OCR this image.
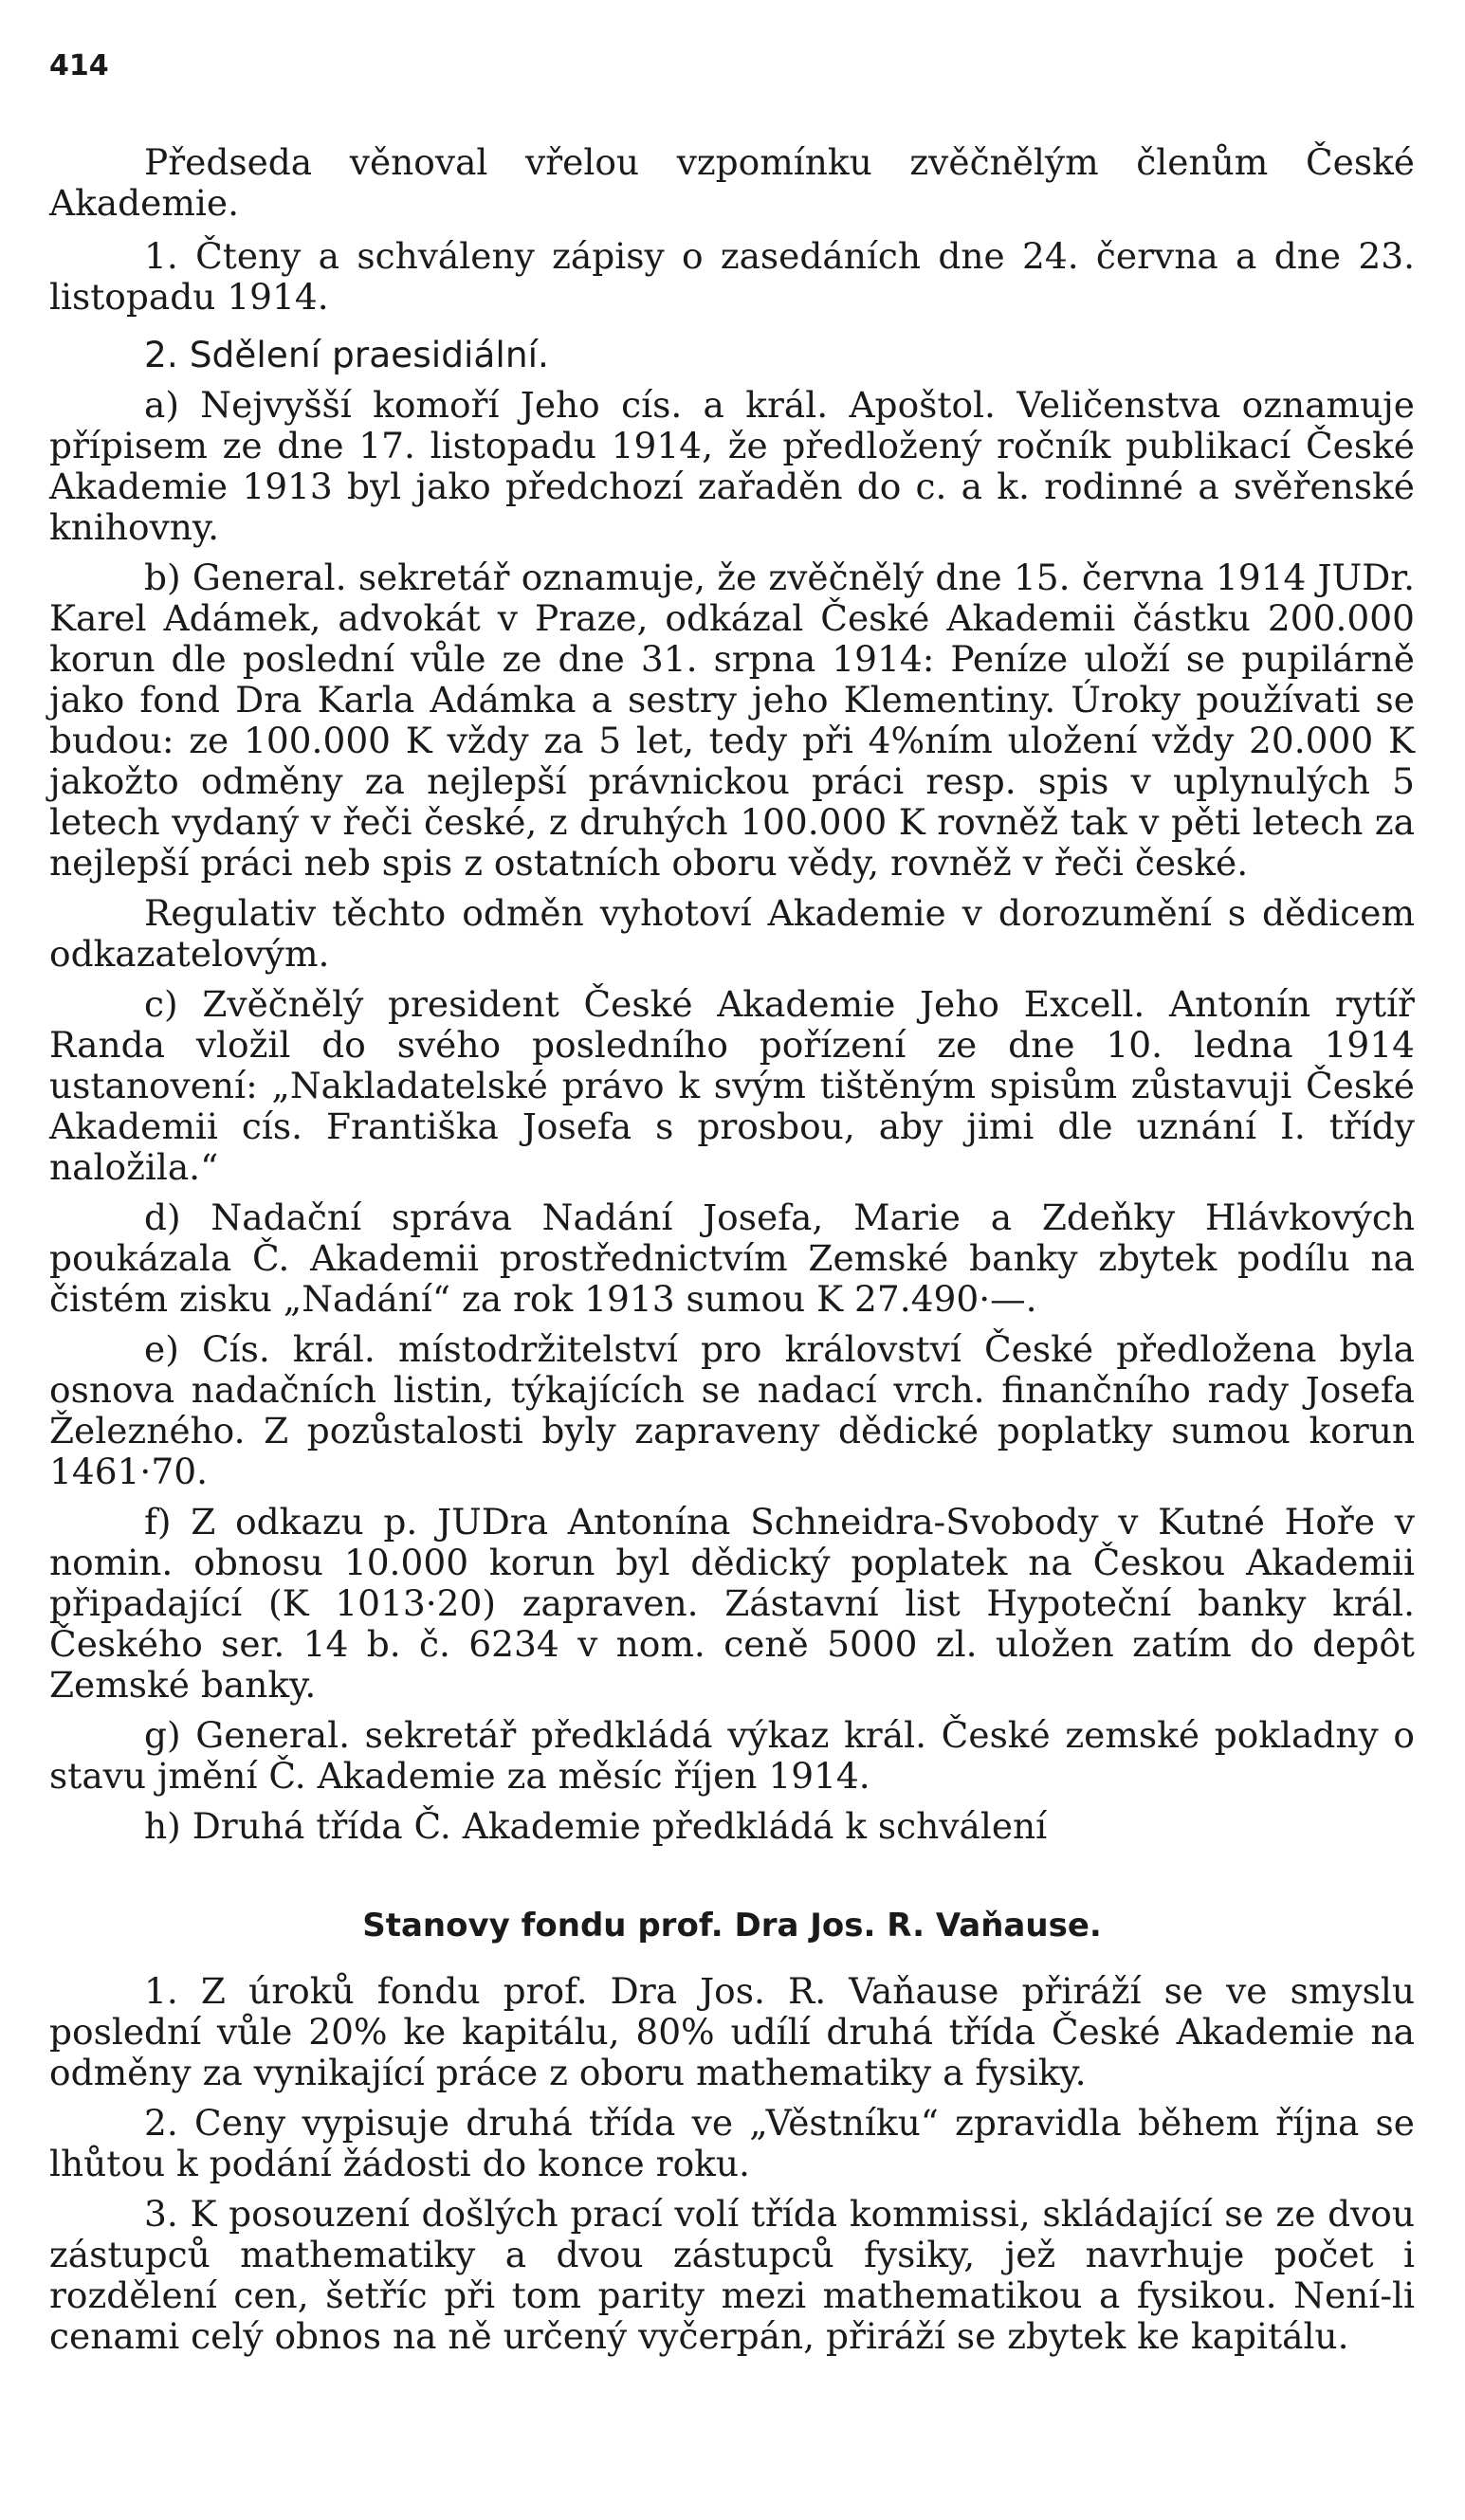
414

Předseda věnoval vřelou vzpomínku zvěčnělým členům České Akademie.

1. Čteny a schváleny zápisy o zasedáních dne 24. června a dne 23. listopadu 1914.

2. Sdělení praesidiální.

a) Nejvyšší komoří Jeho cís. a král. Apoštol. Veličenstva oznamuje přípisem ze dne 17. listopadu 1914, že předložený ročník publikací České Akademie 1913 byl jako předchozí zařaděn do c. a k. rodinné a svěřenské knihovny.

b) General. sekretář oznamuje, že zvěčnělý dne 15. června 1914 JUDr. Karel Adámek, advokát v Praze, odkázal České Akademii částku 200.000 korun dle poslední vůle ze dne 31. srpna 1914: Peníze uloží se pupilárně jako fond Dra Karla Adámka a sestry jeho Klementiny. Úroky používati se budou: ze 100.000 K vždy za 5 let, tedy při 4%ním uložení vždy 20.000 K jakožto odměny za nejlepší právnickou práci resp. spis v uplynulých 5 letech vydaný v řeči české, z druhých 100.000 K rovněž tak v pěti letech za nejlepší práci neb spis z ostatních oboru vědy, rovněž v řeči české.

Regulativ těchto odměn vyhotoví Akademie v dorozumění s dědicem odkazatelovým.

c) Zvěčnělý president České Akademie Jeho Excell. Antonín rytíř Randa vložil do svého posledního pořízení ze dne 10. ledna 1914 ustanovení: „Nakladatelské právo k svým tištěným spisům zůstavuji České Akademii cís. Františka Josefa s prosbou, aby jimi dle uznání I. třídy naložila.“

d) Nadační správa Nadání Josefa, Marie a Zdeňky Hlávkových poukázala Č. Akademii prostřednictvím Zemské banky zbytek podílu na čistém zisku „Nadání“ za rok 1913 sumou K 27.490·—.

e) Cís. král. místodržitelství pro království České předložena byla osnova nadačních listin, týkajících se nadací vrch. finančního rady Josefa Železného. Z pozůstalosti byly zapraveny dědické poplatky sumou korun 1461·70.

f) Z odkazu p. JUDra Antonína Schneidra-Svobody v Kutné Hoře v nomin. obnosu 10.000 korun byl dědický poplatek na Českou Akademii připadající (K 1013·20) zapraven. Zástavní list Hypoteční banky král. Českého ser. 14 b. č. 6234 v nom. ceně 5000 zl. uložen zatím do depôt Zemské banky.

g) General. sekretář předkládá výkaz král. České zemské pokladny o stavu jmění Č. Akademie za měsíc říjen 1914.

h) Druhá třída Č. Akademie předkládá k schválení

Stanovy fondu prof. Dra Jos. R. Vaňause.

1. Z úroků fondu prof. Dra Jos. R. Vaňause přiráží se ve smyslu poslední vůle 20% ke kapitálu, 80% udílí druhá třída České Akademie na odměny za vynikající práce z oboru mathematiky a fysiky.

2. Ceny vypisuje druhá třída ve „Věstníku“ zpravidla během října se lhůtou k podání žádosti do konce roku.

3. K posouzení došlých prací volí třída kommissi, skládající se ze dvou zástupců mathematiky a dvou zástupců fysiky, jež navrhuje počet i rozdělení cen, šetříc při tom parity mezi mathematikou a fysikou. Není-li cenami celý obnos na ně určený vyčerpán, přiráží se zbytek ke kapitálu.
